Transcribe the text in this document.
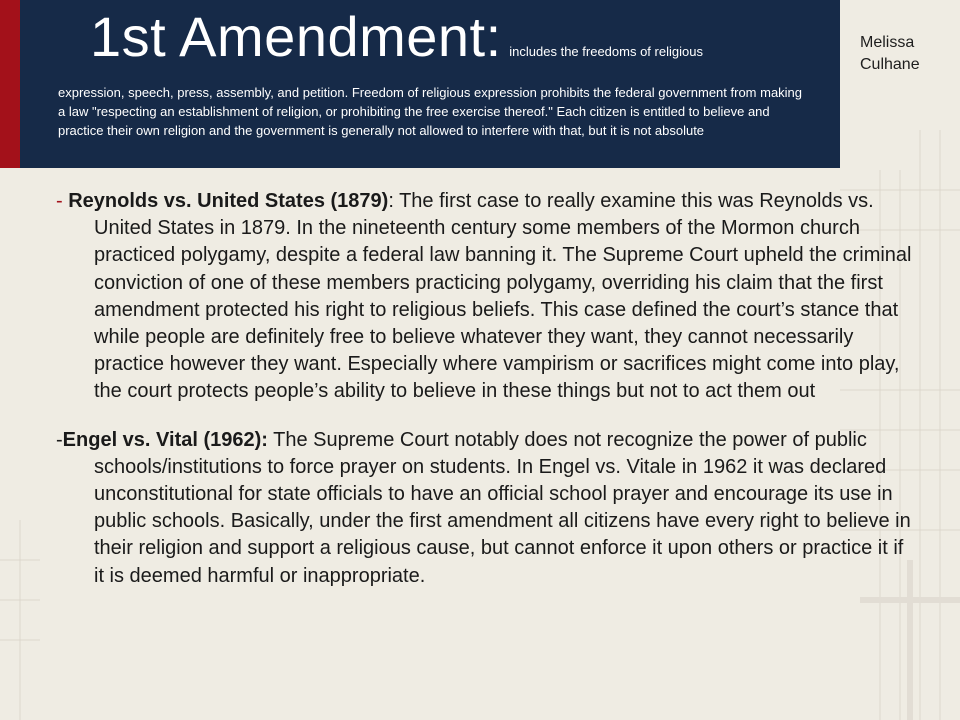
1st Amendment: includes the freedoms of religious
expression, speech, press, assembly, and petition. Freedom of religious expression prohibits the federal government from making a law "respecting an establishment of religion, or prohibiting the free exercise thereof." Each citizen is entitled to believe and practice their own religion and the government is generally not allowed to interfere with that, but it is not absolute
Melissa Culhane
- Reynolds vs. United States (1879): The first case to really examine this was Reynolds vs. United States in 1879. In the nineteenth century some members of the Mormon church practiced polygamy, despite a federal law banning it. The Supreme Court upheld the criminal conviction of one of these members practicing polygamy, overriding his claim that the first amendment protected his right to religious beliefs. This case defined the court’s stance that while people are definitely free to believe whatever they want, they cannot necessarily practice however they want. Especially where vampirism or sacrifices might come into play, the court protects people’s ability to believe in these things but not to act them out
-Engel vs. Vital (1962): The Supreme Court notably does not recognize the power of public schools/institutions to force prayer on students. In Engel vs. Vitale in 1962 it was declared unconstitutional for state officials to have an official school prayer and encourage its use in public schools. Basically, under the first amendment all citizens have every right to believe in their religion and support a religious cause, but cannot enforce it upon others or practice it if it is deemed harmful or inappropriate.
